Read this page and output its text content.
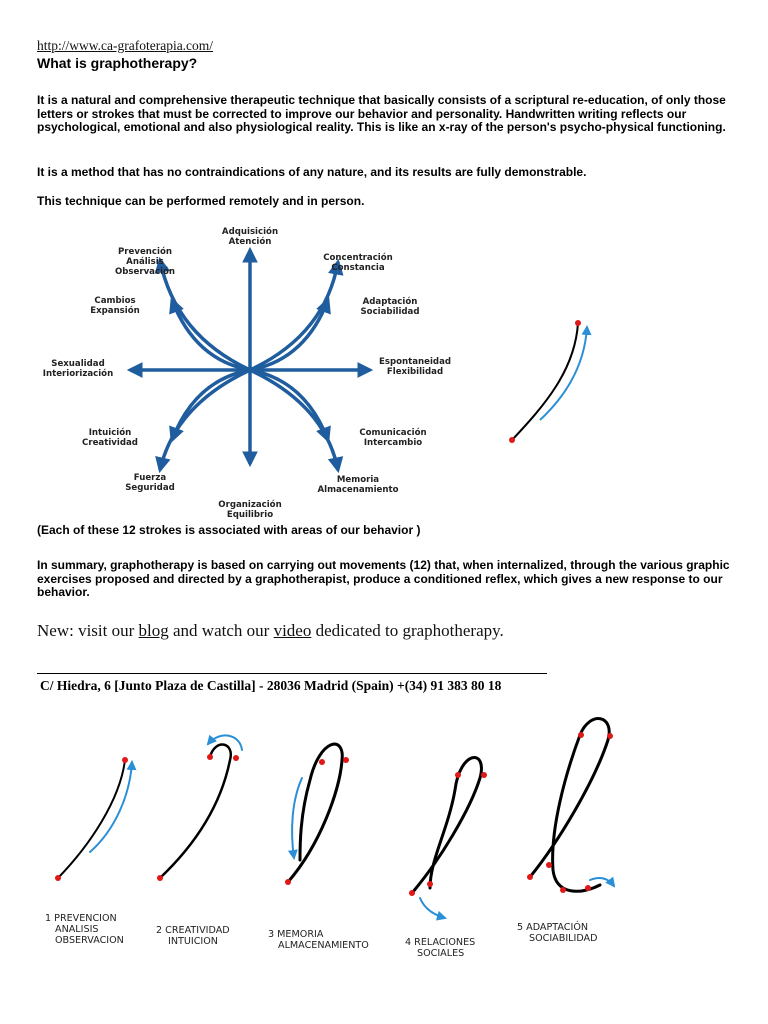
http://www.ca-grafoterapia.com/
What is graphotherapy?
It is a natural and comprehensive therapeutic technique that basically consists of a scriptural re-education, of only those letters or strokes that must be corrected to improve our behavior and personality. Handwritten writing reflects our psychological, emotional and also physiological reality. This is like an x-ray of the person's psycho-physical functioning.
It is a method that has no contraindications of any nature, and its results are fully demonstrable.
This technique can be performed remotely and in person.
Adquisición
Atención
Concentración
Constancia
Adaptación
Sociabilidad
Espontaneidad
Flexibilidad
Comunicación
Intercambio
Memoria
Almacenamiento
Organización
Equilibrio
Fuerza
Seguridad
Intuición
Creatividad
Sexualidad
Interiorización
Cambios
Expansión
Prevención
Análisis
Observación
(Each of these 12 strokes is associated with areas of our behavior )
In summary, graphotherapy is based on carrying out movements (12) that, when internalized, through the various graphic exercises proposed and directed by a graphotherapist, produce a conditioned reflex, which gives a new response to our behavior.
New: visit our blog and watch our video dedicated to graphotherapy.
C/ Hiedra, 6 [Junto Plaza de Castilla] - 28036 Madrid (Spain) +(34) 91 383 80 18
1 PREVENCION
ANALISIS
OBSERVACION
2 CREATIVIDAD
INTUICION
3 MEMORIA
ALMACENAMIENTO	4 RELACIONES
SOCIALES
5 ADAPTACIÓN
SOCIABILIDAD
